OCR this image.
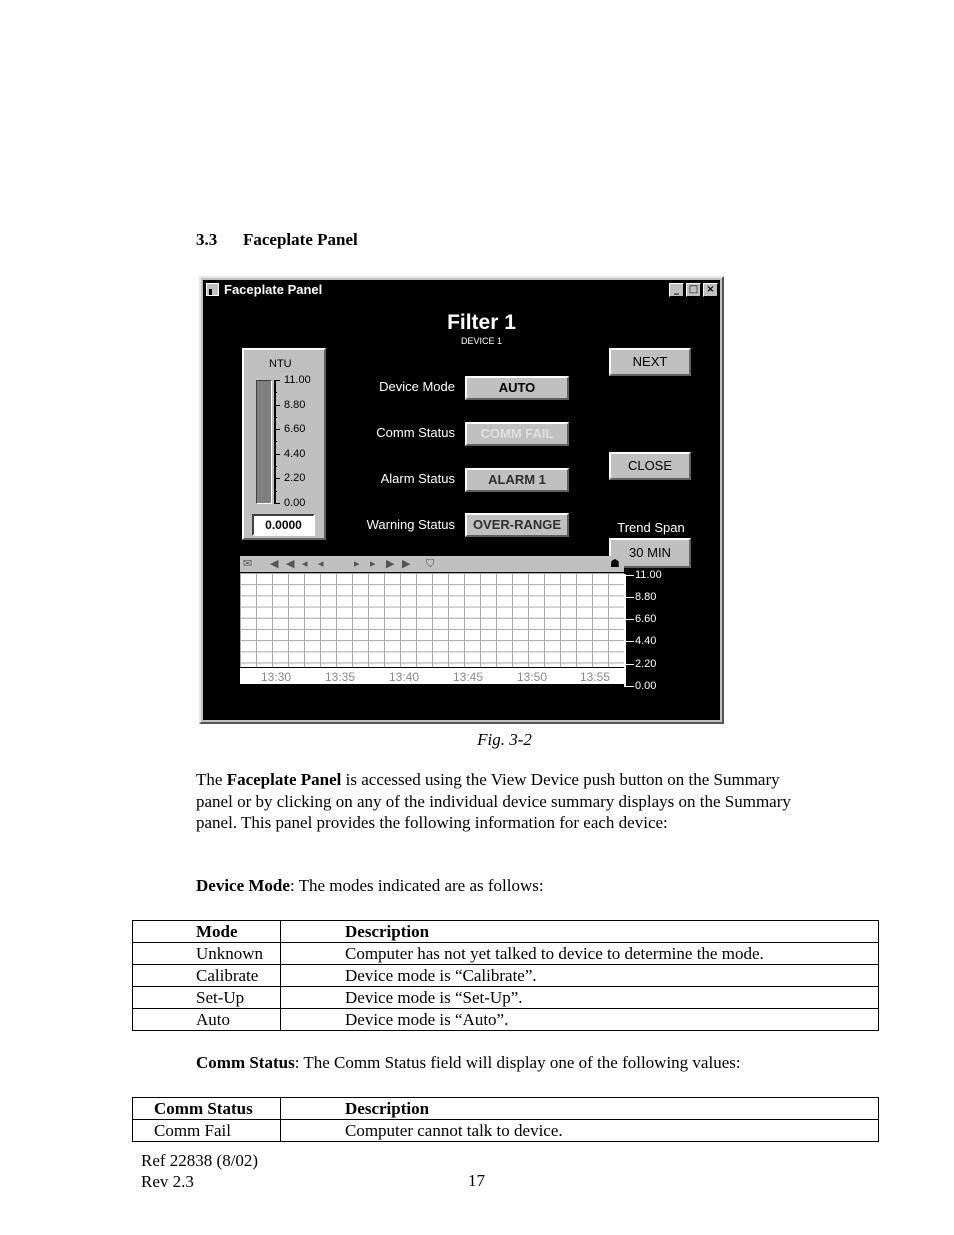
3.3 Faceplate Panel
Faceplate Panel	_ □ ×
Filter 1
DEVICE 1
NTU
11.00
8.80
6.60
4.40
2.20
0.00
0.0000
Device Mode	AUTO
Comm Status	COMM FAIL
Alarm Status	ALARM 1
Warning Status	OVER-RANGE
NEXT
CLOSE
Trend Span
30 MIN
✉ ◀ ◀ ◂ ◂	▸ ▸ ▶ ▶ ⛉	☗
13:30	13:35	13:40	13:45	13:50	13:55
11.00
8.80
6.60
4.40
2.20
0.00
Fig. 3-2
The Faceplate Panel is accessed using the View Device push button on the Summary panel or by clicking on any of the individual device summary displays on the Summary panel. This panel provides the following information for each device:
Device Mode: The modes indicated are as follows:
Mode	Description
Unknown	Computer has not yet talked to device to determine the mode.
Calibrate	Device mode is “Calibrate”.
Set-Up	Device mode is “Set-Up”.
Auto	Device mode is “Auto”.
Comm Status: The Comm Status field will display one of the following values:
Comm Status	Description
Comm Fail	Computer cannot talk to device.
Ref 22838 (8/02)
Rev 2.3	17
